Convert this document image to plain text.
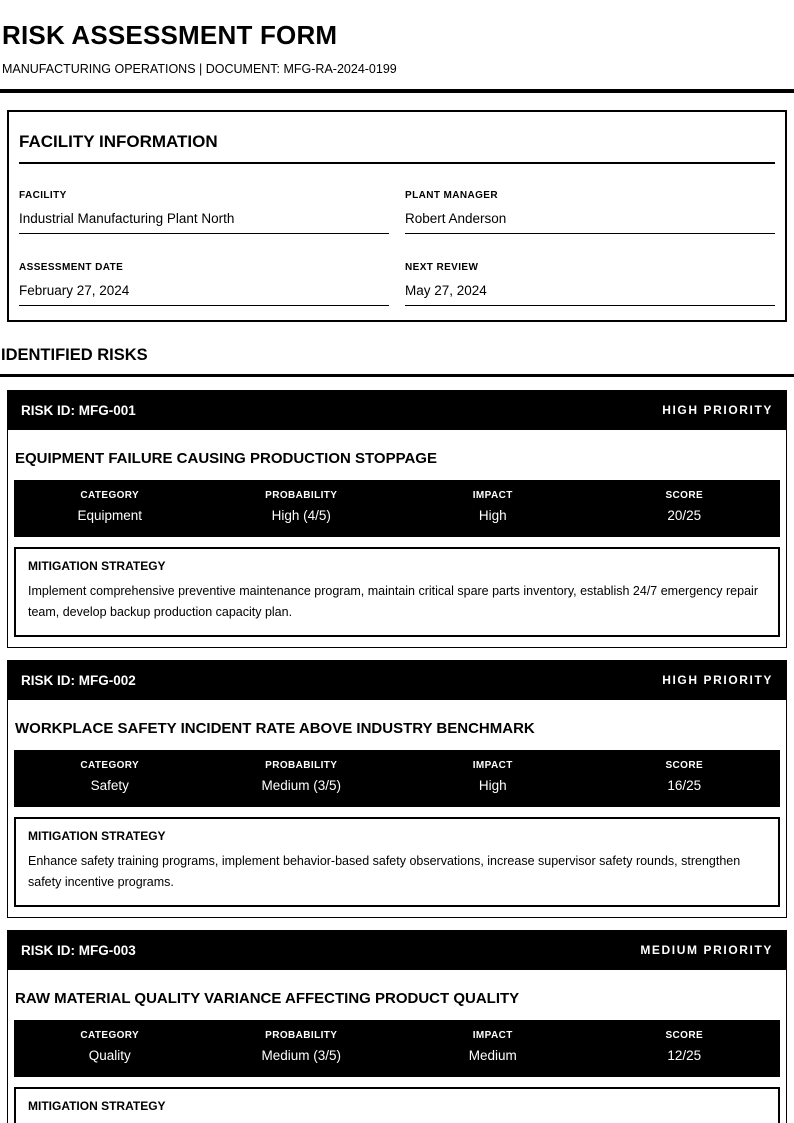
RISK ASSESSMENT FORM
MANUFACTURING OPERATIONS | DOCUMENT: MFG-RA-2024-0199
FACILITY INFORMATION
FACILITY
Industrial Manufacturing Plant North
PLANT MANAGER
Robert Anderson
ASSESSMENT DATE
February 27, 2024
NEXT REVIEW
May 27, 2024
IDENTIFIED RISKS
RISK ID: MFG-001	HIGH PRIORITY
EQUIPMENT FAILURE CAUSING PRODUCTION STOPPAGE
CATEGORY	PROBABILITY	IMPACT	SCORE
Equipment	High (4/5)	High	20/25
MITIGATION STRATEGY
Implement comprehensive preventive maintenance program, maintain critical spare parts inventory, establish 24/7 emergency repair team, develop backup production capacity plan.
RISK ID: MFG-002	HIGH PRIORITY
WORKPLACE SAFETY INCIDENT RATE ABOVE INDUSTRY BENCHMARK
CATEGORY	PROBABILITY	IMPACT	SCORE
Safety	Medium (3/5)	High	16/25
MITIGATION STRATEGY
Enhance safety training programs, implement behavior-based safety observations, increase supervisor safety rounds, strengthen safety incentive programs.
RISK ID: MFG-003	MEDIUM PRIORITY
RAW MATERIAL QUALITY VARIANCE AFFECTING PRODUCT QUALITY
CATEGORY	PROBABILITY	IMPACT	SCORE
Quality	Medium (3/5)	Medium	12/25
MITIGATION STRATEGY
